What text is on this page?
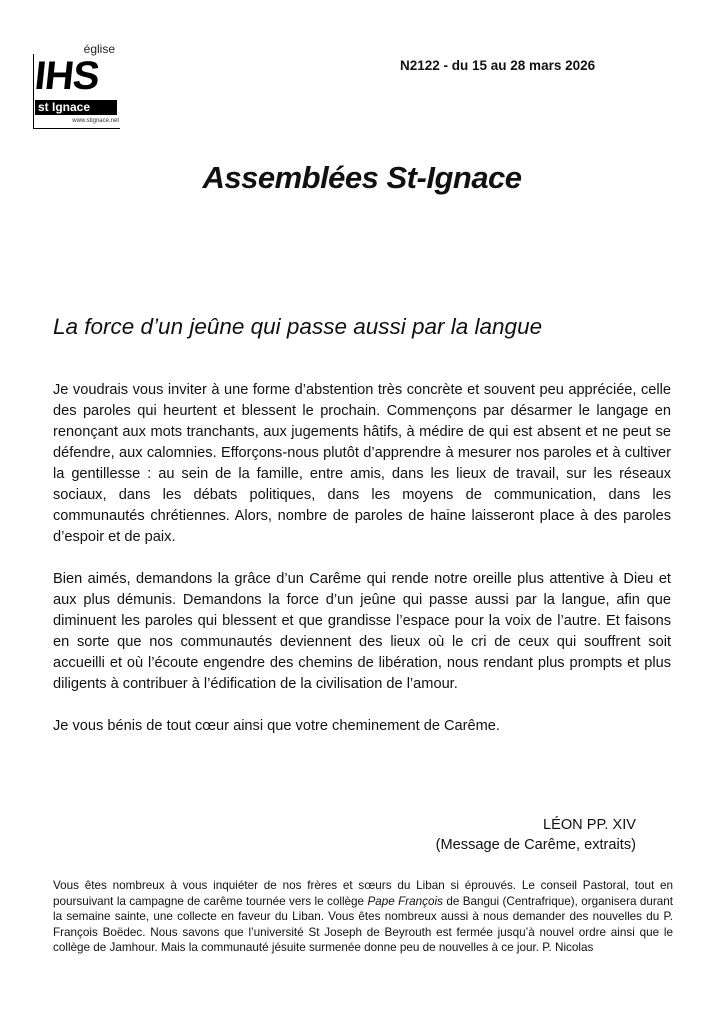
église
IHS
st Ignace
www.stignace.net
N2122 - du 15 au 28 mars 2026
Assemblées St-Ignace
La force d’un jeûne qui passe aussi par la langue

Je voudrais vous inviter à une forme d’abstention très concrète et souvent peu appréciée, celle des paroles qui heurtent et blessent le prochain. Commençons par désarmer le langage en renonçant aux mots tranchants, aux jugements hâtifs, à médire de qui est absent et ne peut se défendre, aux calomnies. Efforçons-nous plutôt d’apprendre à mesurer nos paroles et à cultiver la gentillesse : au sein de la famille, entre amis, dans les lieux de travail, sur les réseaux sociaux, dans les débats politiques, dans les moyens de communication, dans les communautés chrétiennes. Alors, nombre de paroles de haine laisseront place à des paroles d’espoir et de paix.

Bien aimés, demandons la grâce d’un Carême qui rende notre oreille plus attentive à Dieu et aux plus démunis. Demandons la force d’un jeûne qui passe aussi par la langue, afin que diminuent les paroles qui blessent et que grandisse l’espace pour la voix de l’autre. Et faisons en sorte que nos communautés deviennent des lieux où le cri de ceux qui souffrent soit accueilli et où l’écoute engendre des chemins de libération, nous rendant plus prompts et plus diligents à contribuer à l’édification de la civilisation de l’amour.

Je vous bénis de tout cœur ainsi que votre cheminement de Carême.

LÉON PP. XIV
(Message de Carême, extraits)
Vous êtes nombreux à vous inquiéter de nos frères et sœurs du Liban si éprouvés. Le conseil Pastoral, tout en poursuivant la campagne de carême tournée vers le collège Pape François de Bangui (Centrafrique), organisera durant la semaine sainte, une collecte en faveur du Liban. Vous êtes nombreux aussi à nous demander des nouvelles du P. François Boëdec. Nous savons que l’université St Joseph de Beyrouth est fermée jusqu’à nouvel ordre ainsi que le collège de Jamhour. Mais la communauté jésuite surmenée donne peu de nouvelles à ce jour. P. Nicolas
